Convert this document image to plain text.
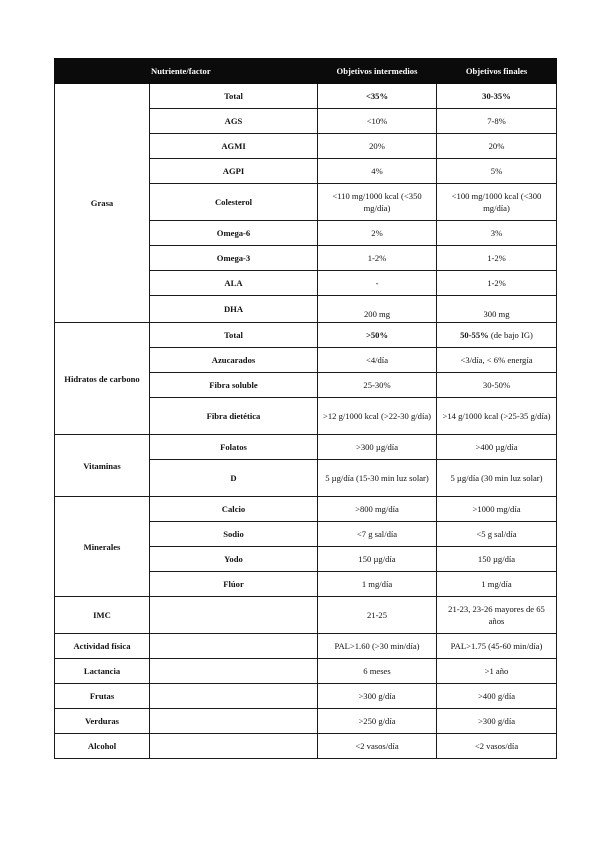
Nutriente/factor		Objetivos intermedios	Objetivos finales
Grasa	Total	<35%	30-35%
	AGS	<10%	7-8%
	AGMI	20%	20%
	AGPI	4%	5%
	Colesterol	<110 mg/1000 kcal (<350 mg/día)	<100 mg/1000 kcal (<300 mg/día)
	Omega-6	2%	3%
	Omega-3	1-2%	1-2%
	ALA	-	1-2%
	DHA	200 mg	300 mg
Hidratos de carbono	Total	>50%	50-55% (de bajo IG)
	Azucarados	<4/día	<3/día, < 6% energía
	Fibra soluble	25-30%	30-50%
	Fibra dietética	>12 g/1000 kcal (>22-30 g/día)	>14 g/1000 kcal (>25-35 g/día)
Vitaminas	Folatos	>300 µg/día	>400 µg/día
	D	5 µg/día (15-30 min luz solar)	5 µg/día (30 min luz solar)
Minerales	Calcio	>800 mg/día	>1000 mg/día
	Sodio	<7 g sal/día	<5 g sal/día
	Yodo	150 µg/día	150 µg/día
	Flúor	1 mg/día	1 mg/día
IMC		21-25	21-23, 23-26 mayores de 65 años
Actividad física		PAL>1.60 (>30 min/día)	PAL>1.75 (45-60 min/día)
Lactancia		6 meses	>1 año
Frutas		>300 g/día	>400 g/día
Verduras		>250 g/día	>300 g/día
Alcohol		<2 vasos/día	<2 vasos/día
